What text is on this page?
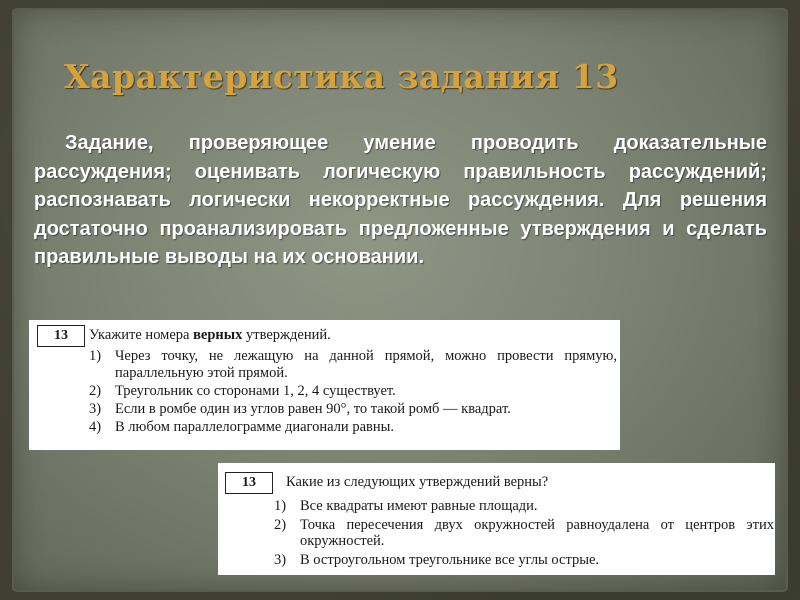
Характеристика задания 13
Задание, проверяющее умение проводить доказательные рассуждения; оценивать логическую правильность рассуждений; распознавать логически некорректные рассуждения. Для решения достаточно проанализировать предложенные утверждения и сделать правильные выводы на их основании.
13	Укажите номера верных утверждений.
1) Через точку, не лежащую на данной прямой, можно провести прямую, параллельную этой прямой.
2) Треугольник со сторонами 1, 2, 4 существует.
3) Если в ромбе один из углов равен 90°, то такой ромб — квадрат.
4) В любом параллелограмме диагонали равны.
13	Какие из следующих утверждений верны?
1) Все квадраты имеют равные площади.
2) Точка пересечения двух окружностей равноудалена от центров этих окружностей.
3) В остроугольном треугольнике все углы острые.
